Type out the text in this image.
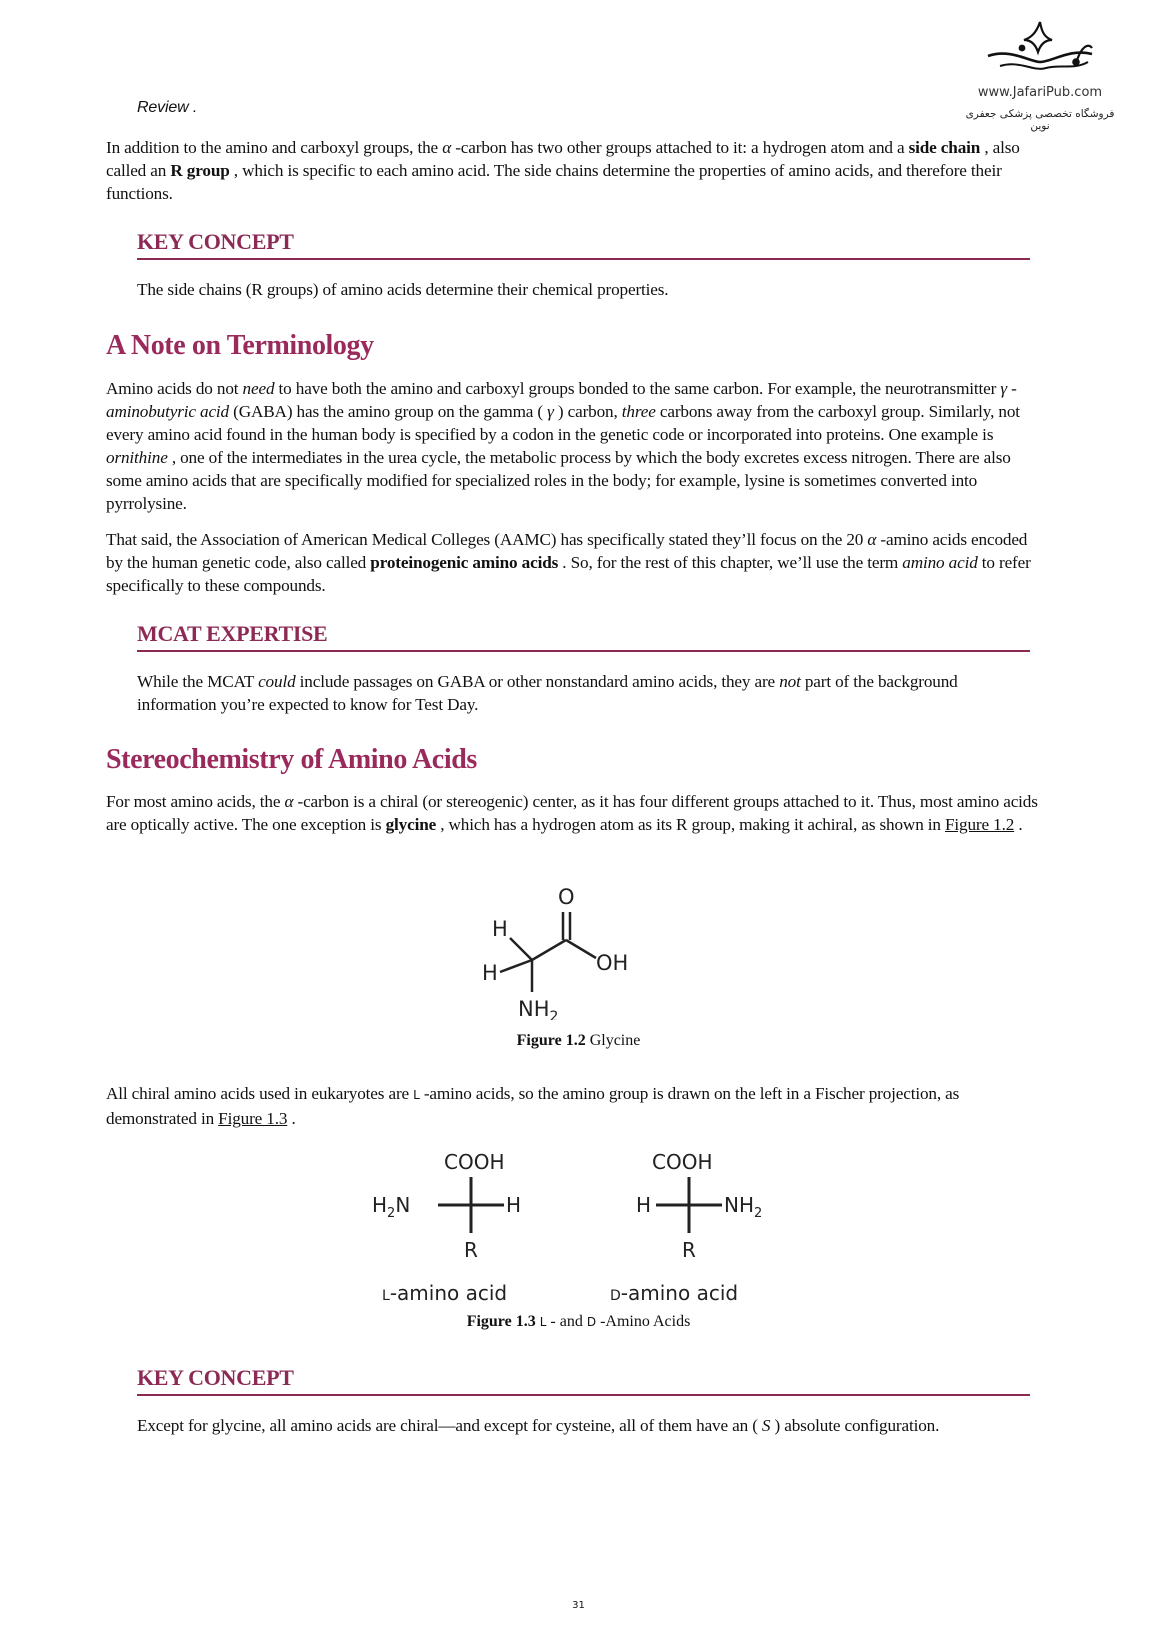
www.JafariPub.com
فروشگاه تخصصی پزشکی جعفری نوین

Review .

In addition to the amino and carboxyl groups, the α -carbon has two other groups attached to it: a hydrogen atom and a side chain , also called an R group , which is specific to each amino acid. The side chains determine the properties of amino acids, and therefore their functions.

KEY CONCEPT

The side chains (R groups) of amino acids determine their chemical properties.

A Note on Terminology

Amino acids do not need to have both the amino and carboxyl groups bonded to the same carbon. For example, the neurotransmitter γ -aminobutyric acid (GABA) has the amino group on the gamma ( γ ) carbon, three carbons away from the carboxyl group. Similarly, not every amino acid found in the human body is specified by a codon in the genetic code or incorporated into proteins. One example is ornithine , one of the intermediates in the urea cycle, the metabolic process by which the body excretes excess nitrogen. There are also some amino acids that are specifically modified for specialized roles in the body; for example, lysine is sometimes converted into pyrrolysine.

That said, the Association of American Medical Colleges (AAMC) has specifically stated they’ll focus on the 20 α -amino acids encoded by the human genetic code, also called proteinogenic amino acids . So, for the rest of this chapter, we’ll use the term amino acid to refer specifically to these compounds.

MCAT EXPERTISE

While the MCAT could include passages on GABA or other nonstandard amino acids, they are not part of the background information you’re expected to know for Test Day.

Stereochemistry of Amino Acids

For most amino acids, the α -carbon is a chiral (or stereogenic) center, as it has four different groups attached to it. Thus, most amino acids are optically active. The one exception is glycine , which has a hydrogen atom as its R group, making it achiral, as shown in Figure 1.2 .

O
OH
H
H
$NH_2$
Figure 1.2 Glycine

All chiral amino acids used in eukaryotes are L -amino acids, so the amino group is drawn on the left in a Fischer projection, as demonstrated in Figure 1.3 .

COOH
$H_2N$	H
R
L-amino acid
COOH
H	$NH_2$
R
D-amino acid
Figure 1.3 L - and D -Amino Acids
KEY CONCEPT

Except for glycine, all amino acids are chiral—and except for cysteine, all of them have an ( S ) absolute configuration.

31
